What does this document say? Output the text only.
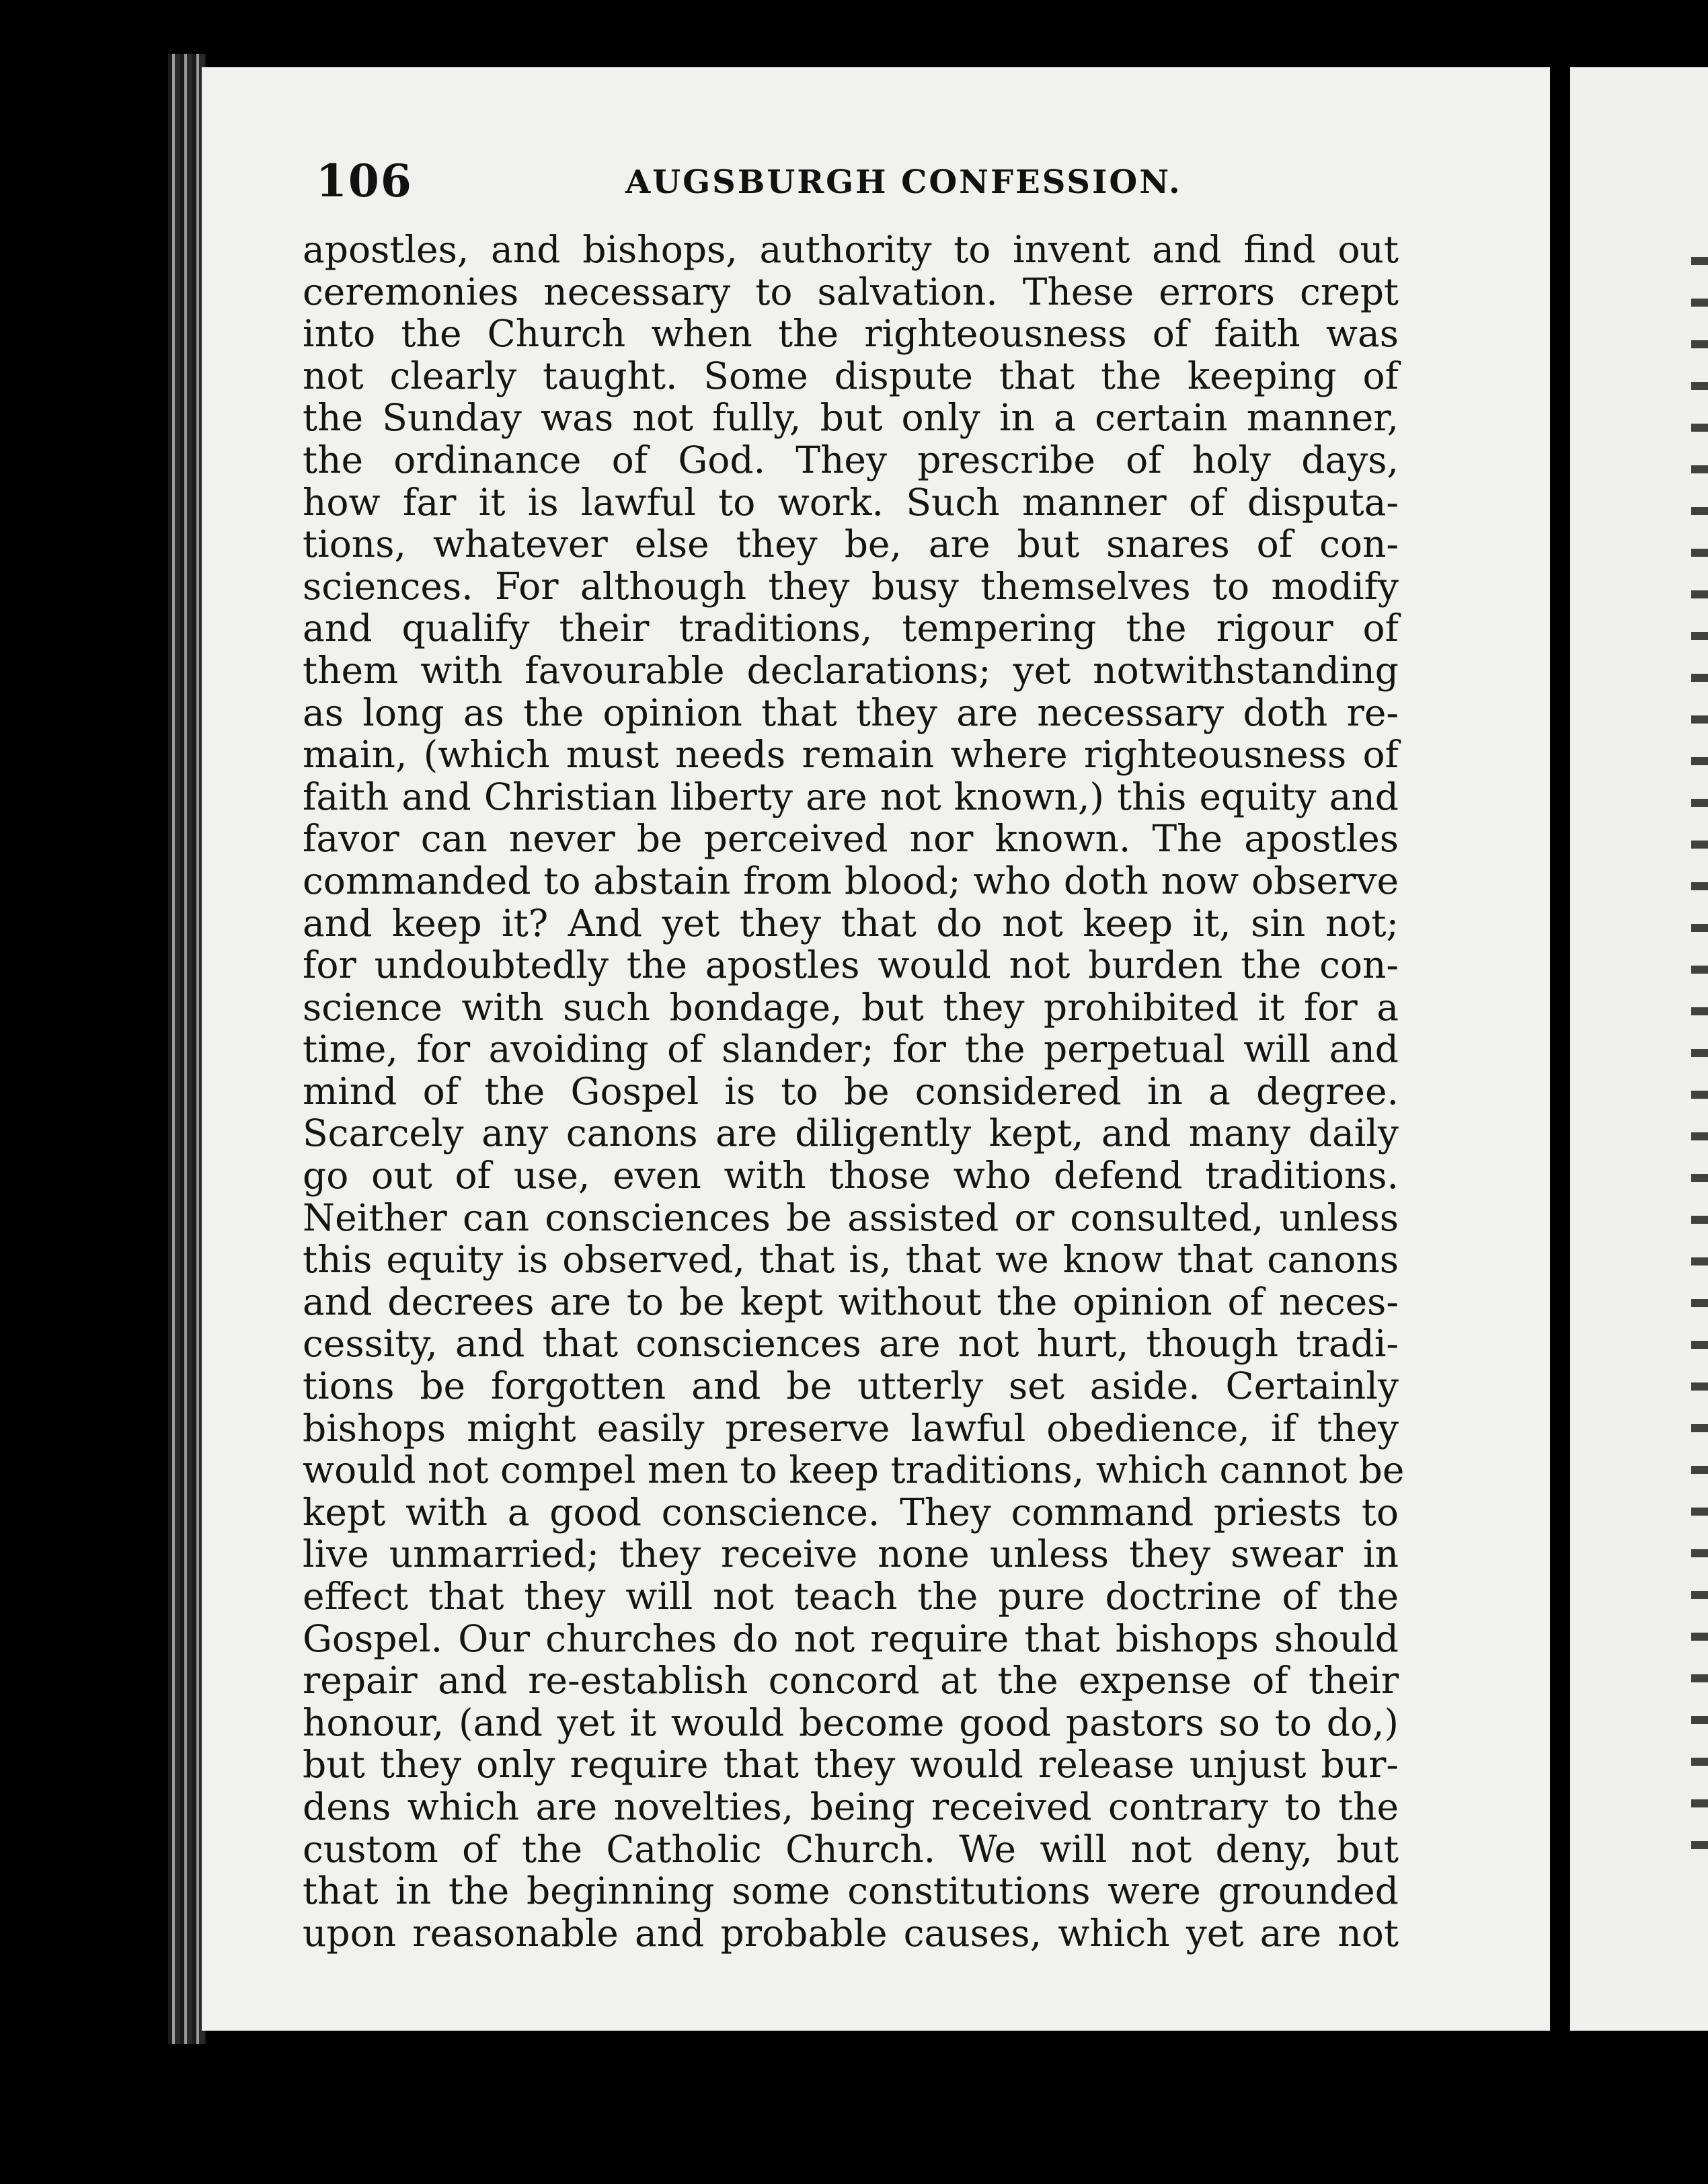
106	AUGSBURGH CONFESSION.
apostles, and bishops, authority to invent and find out
ceremonies necessary to salvation. These errors crept
into the Church when the righteousness of faith was
not clearly taught. Some dispute that the keeping of
the Sunday was not fully, but only in a certain manner,
the ordinance of God. They prescribe of holy days,
how far it is lawful to work. Such manner of disputa-
tions, whatever else they be, are but snares of con-
sciences. For although they busy themselves to modify
and qualify their traditions, tempering the rigour of
them with favourable declarations; yet notwithstanding
as long as the opinion that they are necessary doth re-
main, (which must needs remain where righteousness of
faith and Christian liberty are not known,) this equity and
favor can never be perceived nor known. The apostles
commanded to abstain from blood; who doth now observe
and keep it? And yet they that do not keep it, sin not;
for undoubtedly the apostles would not burden the con-
science with such bondage, but they prohibited it for a
time, for avoiding of slander; for the perpetual will and
mind of the Gospel is to be considered in a degree.
Scarcely any canons are diligently kept, and many daily
go out of use, even with those who defend traditions.
Neither can consciences be assisted or consulted, unless
this equity is observed, that is, that we know that canons
and decrees are to be kept without the opinion of neces-
cessity, and that consciences are not hurt, though tradi-
tions be forgotten and be utterly set aside. Certainly
bishops might easily preserve lawful obedience, if they
would not compel men to keep traditions, which cannot be
kept with a good conscience. They command priests to
live unmarried; they receive none unless they swear in
effect that they will not teach the pure doctrine of the
Gospel. Our churches do not require that bishops should
repair and re-establish concord at the expense of their
honour, (and yet it would become good pastors so to do,)
but they only require that they would release unjust bur-
dens which are novelties, being received contrary to the
custom of the Catholic Church. We will not deny, but
that in the beginning some constitutions were grounded
upon reasonable and probable causes, which yet are not
